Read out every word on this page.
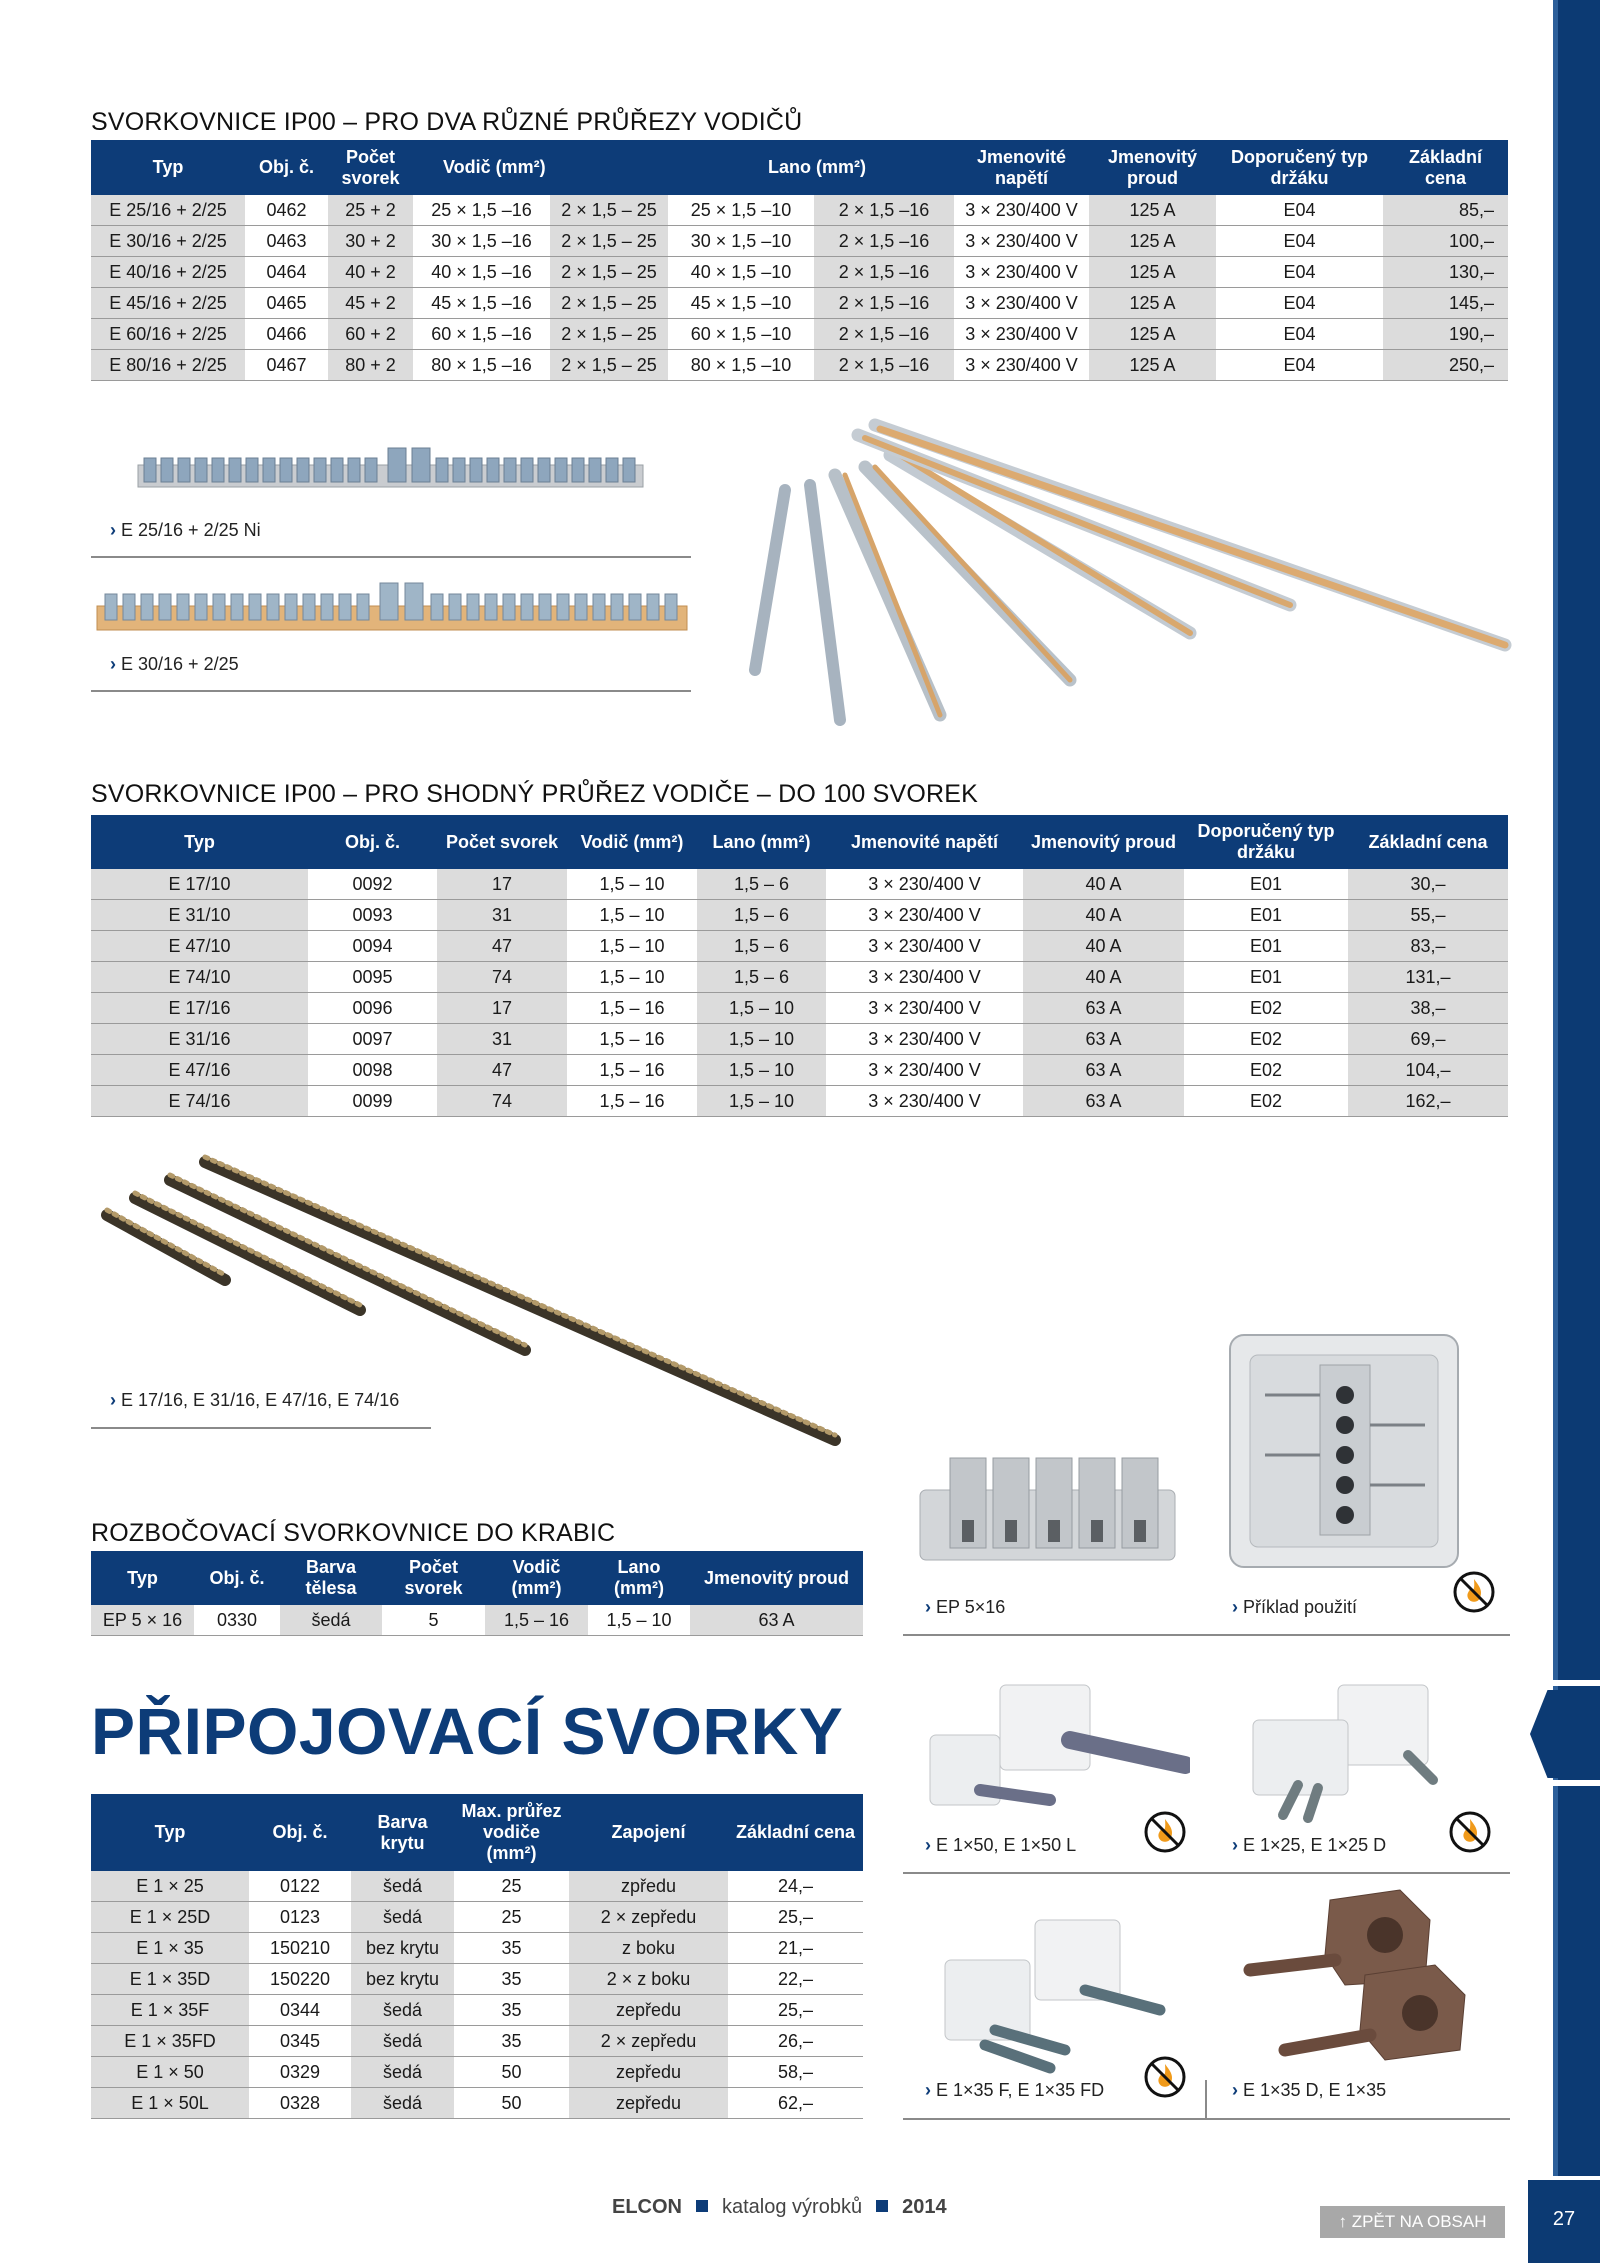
SVORKOVNICE IP00 – PRO DVA RŮZNÉ PRŮŘEZY VODIČŮ
Typ	Obj. č.	Počet svorek	Vodič (mm²)		Lano (mm²)		Jmenovité napětí	Jmenovitý proud	Doporučený typ držáku	Základní cena
E 25/16 + 2/25	0462	25 + 2	25 × 1,5 –16	2 × 1,5 – 25	25 × 1,5 –10	2 × 1,5 –16	3 × 230/400 V	125 A	E04	85,–
E 30/16 + 2/25	0463	30 + 2	30 × 1,5 –16	2 × 1,5 – 25	30 × 1,5 –10	2 × 1,5 –16	3 × 230/400 V	125 A	E04	100,–
E 40/16 + 2/25	0464	40 + 2	40 × 1,5 –16	2 × 1,5 – 25	40 × 1,5 –10	2 × 1,5 –16	3 × 230/400 V	125 A	E04	130,–
E 45/16 + 2/25	0465	45 + 2	45 × 1,5 –16	2 × 1,5 – 25	45 × 1,5 –10	2 × 1,5 –16	3 × 230/400 V	125 A	E04	145,–
E 60/16 + 2/25	0466	60 + 2	60 × 1,5 –16	2 × 1,5 – 25	60 × 1,5 –10	2 × 1,5 –16	3 × 230/400 V	125 A	E04	190,–
E 80/16 + 2/25	0467	80 + 2	80 × 1,5 –16	2 × 1,5 – 25	80 × 1,5 –10	2 × 1,5 –16	3 × 230/400 V	125 A	E04	250,–
› E 25/16 + 2/25 Ni
› E 30/16 + 2/25
SVORKOVNICE IP00 – PRO SHODNÝ PRŮŘEZ VODIČE – DO 100 SVOREK
Typ	Obj. č.	Počet svorek	Vodič (mm²)	Lano (mm²)	Jmenovité napětí	Jmenovitý proud	Doporučený typ držáku	Základní cena
E 17/10	0092	17	1,5 – 10	1,5 – 6	3 × 230/400 V	40 A	E01	30,–
E 31/10	0093	31	1,5 – 10	1,5 – 6	3 × 230/400 V	40 A	E01	55,–
E 47/10	0094	47	1,5 – 10	1,5 – 6	3 × 230/400 V	40 A	E01	83,–
E 74/10	0095	74	1,5 – 10	1,5 – 6	3 × 230/400 V	40 A	E01	131,–
E 17/16	0096	17	1,5 – 16	1,5 – 10	3 × 230/400 V	63 A	E02	38,–
E 31/16	0097	31	1,5 – 16	1,5 – 10	3 × 230/400 V	63 A	E02	69,–
E 47/16	0098	47	1,5 – 16	1,5 – 10	3 × 230/400 V	63 A	E02	104,–
E 74/16	0099	74	1,5 – 16	1,5 – 10	3 × 230/400 V	63 A	E02	162,–
› E 17/16, E 31/16, E 47/16, E 74/16
ROZBOČOVACÍ SVORKOVNICE DO KRABIC
Typ	Obj. č.	Barva tělesa	Počet svorek	Vodič (mm²)	Lano (mm²)	Jmenovitý proud
EP 5 × 16	0330	šedá	5	1,5 – 16	1,5 – 10	63 A
› EP 5×16	› Příklad použití
PŘIPOJOVACÍ SVORKY
Typ	Obj. č.	Barva krytu	Max. průřez vodiče (mm²)	Zapojení	Základní cena
E 1 × 25	0122	šedá	25	zpředu	24,–
E 1 × 25D	0123	šedá	25	2 × zepředu	25,–
E 1 × 35	150210	bez krytu	35	z boku	21,–
E 1 × 35D	150220	bez krytu	35	2 × z boku	22,–
E 1 × 35F	0344	šedá	35	zepředu	25,–
E 1 × 35FD	0345	šedá	35	2 × zepředu	26,–
E 1 × 50	0329	šedá	50	zepředu	58,–
E 1 × 50L	0328	šedá	50	zepředu	62,–
› E 1×50, E 1×50 L	› E 1×25, E 1×25 D
› E 1×35 F, E 1×35 FD	› E 1×35 D, E 1×35
ELCON katalog výrobků 2014
↑ ZPĚT NA OBSAH	27
